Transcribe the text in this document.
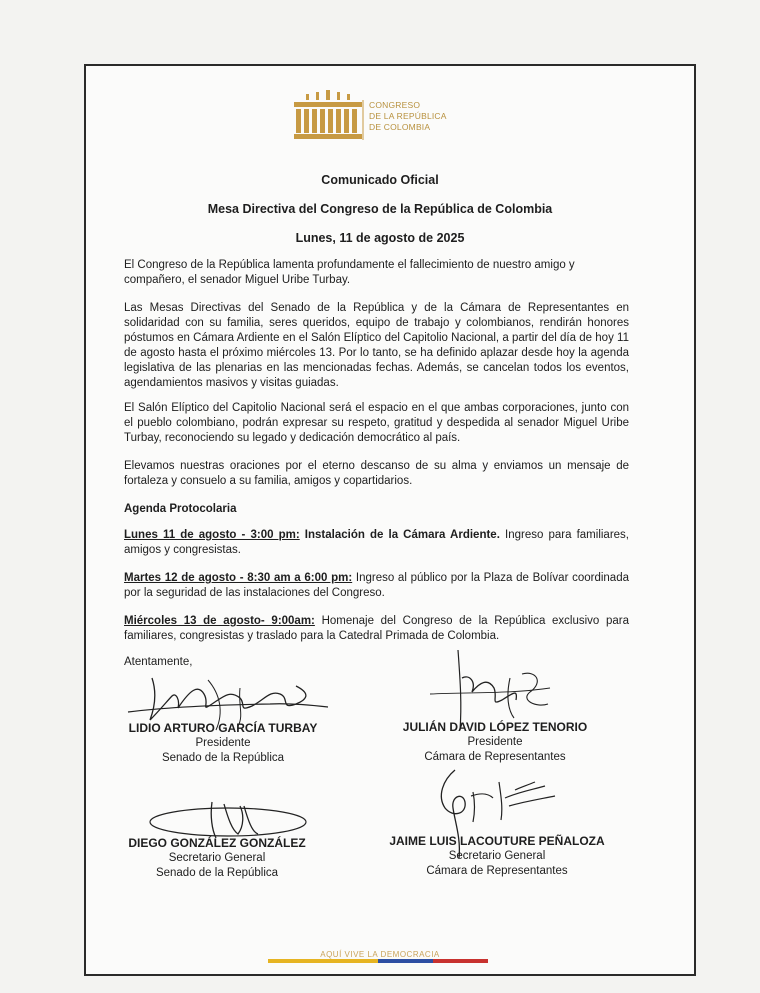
CONGRESO
DE LA REPÚBLICA
DE COLOMBIA
Comunicado Oficial
Mesa Directiva del Congreso de la República de Colombia
Lunes, 11 de agosto de 2025
El Congreso de la República lamenta profundamente el fallecimiento de nuestro amigo y compañero, el senador Miguel Uribe Turbay.
Las Mesas Directivas del Senado de la República y de la Cámara de Representantes en solidaridad con su familia, seres queridos, equipo de trabajo y colombianos, rendirán honores póstumos en Cámara Ardiente en el Salón Elíptico del Capitolio Nacional, a partir del día de hoy 11 de agosto hasta el próximo miércoles 13. Por lo tanto, se ha definido aplazar desde hoy la agenda legislativa de las plenarias en las mencionadas fechas. Además, se cancelan todos los eventos, agendamientos masivos y visitas guiadas.
El Salón Elíptico del Capitolio Nacional será el espacio en el que ambas corporaciones, junto con el pueblo colombiano, podrán expresar su respeto, gratitud y despedida al senador Miguel Uribe Turbay, reconociendo su legado y dedicación democrático al país.
Elevamos nuestras oraciones por el eterno descanso de su alma y enviamos un mensaje de fortaleza y consuelo a su familia, amigos y copartidarios.
Agenda Protocolaria
Lunes 11 de agosto - 3:00 pm: Instalación de la Cámara Ardiente. Ingreso para familiares, amigos y congresistas.
Martes 12 de agosto - 8:30 am a 6:00 pm: Ingreso al público por la Plaza de Bolívar coordinada por la seguridad de las instalaciones del Congreso.
Miércoles 13 de agosto- 9:00am: Homenaje del Congreso de la República exclusivo para familiares, congresistas y traslado para la Catedral Primada de Colombia.
Atentamente,
LIDIO ARTURO GARCÍA TURBAY
Presidente
Senado de la República
JULIÁN DAVID LÓPEZ TENORIO
Presidente
Cámara de Representantes
DIEGO GONZÁLEZ GONZÁLEZ
Secretario General
Senado de la República
JAIME LUIS LACOUTURE PEÑALOZA
Secretario General
Cámara de Representantes
AQUÍ VIVE LA DEMOCRACIA
